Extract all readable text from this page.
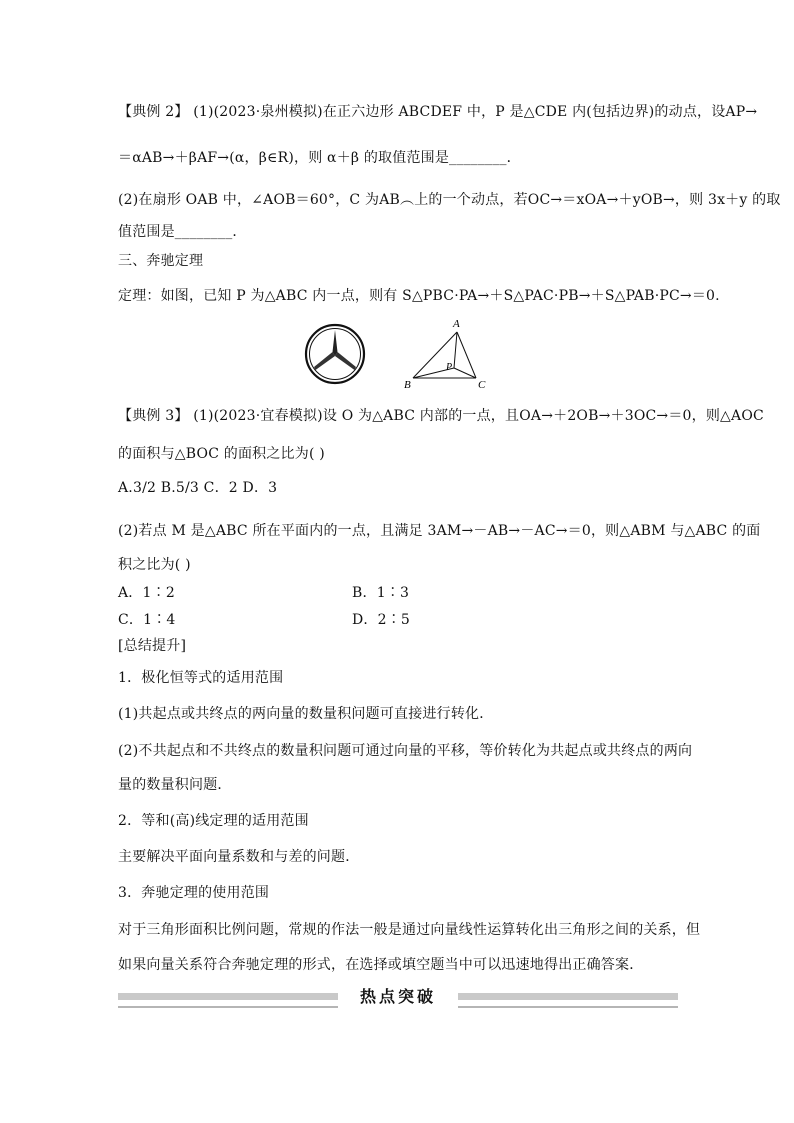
【典例 2】 (1)(2023·泉州模拟)在正六边形 ABCDEF 中，P 是△CDE 内(包括边界)的动点，设AP→
＝αAB→＋βAF→(α，β∈R)，则 α＋β 的取值范围是________．
(2)在扇形 OAB 中，∠AOB＝60°，C 为AB︵上的一个动点，若OC→＝xOA→＋yOB→，则 3x＋y 的取
值范围是________．
三、奔驰定理
定理：如图，已知 P 为△ABC 内一点，则有 S△PBC·PA→＋S△PAC·PB→＋S△PAB·PC→＝0.
A
B	C
P
【典例 3】 (1)(2023·宜春模拟)设 O 为△ABC 内部的一点，且OA→＋2OB→＋3OC→＝0，则△AOC
的面积与△BOC 的面积之比为( )
A.3/2 B.5/3 C．2 D．3
(2)若点 M 是△ABC 所在平面内的一点，且满足 3AM→－AB→－AC→＝0，则△ABM 与△ABC 的面
积之比为( )
A．1∶2	B．1∶3
C．1∶4	D．2∶5
[总结提升]
1．极化恒等式的适用范围
(1)共起点或共终点的两向量的数量积问题可直接进行转化．
(2)不共起点和不共终点的数量积问题可通过向量的平移，等价转化为共起点或共终点的两向
量的数量积问题．
2．等和(高)线定理的适用范围
主要解决平面向量系数和与差的问题．
3．奔驰定理的使用范围
对于三角形面积比例问题，常规的作法一般是通过向量线性运算转化出三角形之间的关系，但
如果向量关系符合奔驰定理的形式，在选择或填空题当中可以迅速地得出正确答案．
热点突破
